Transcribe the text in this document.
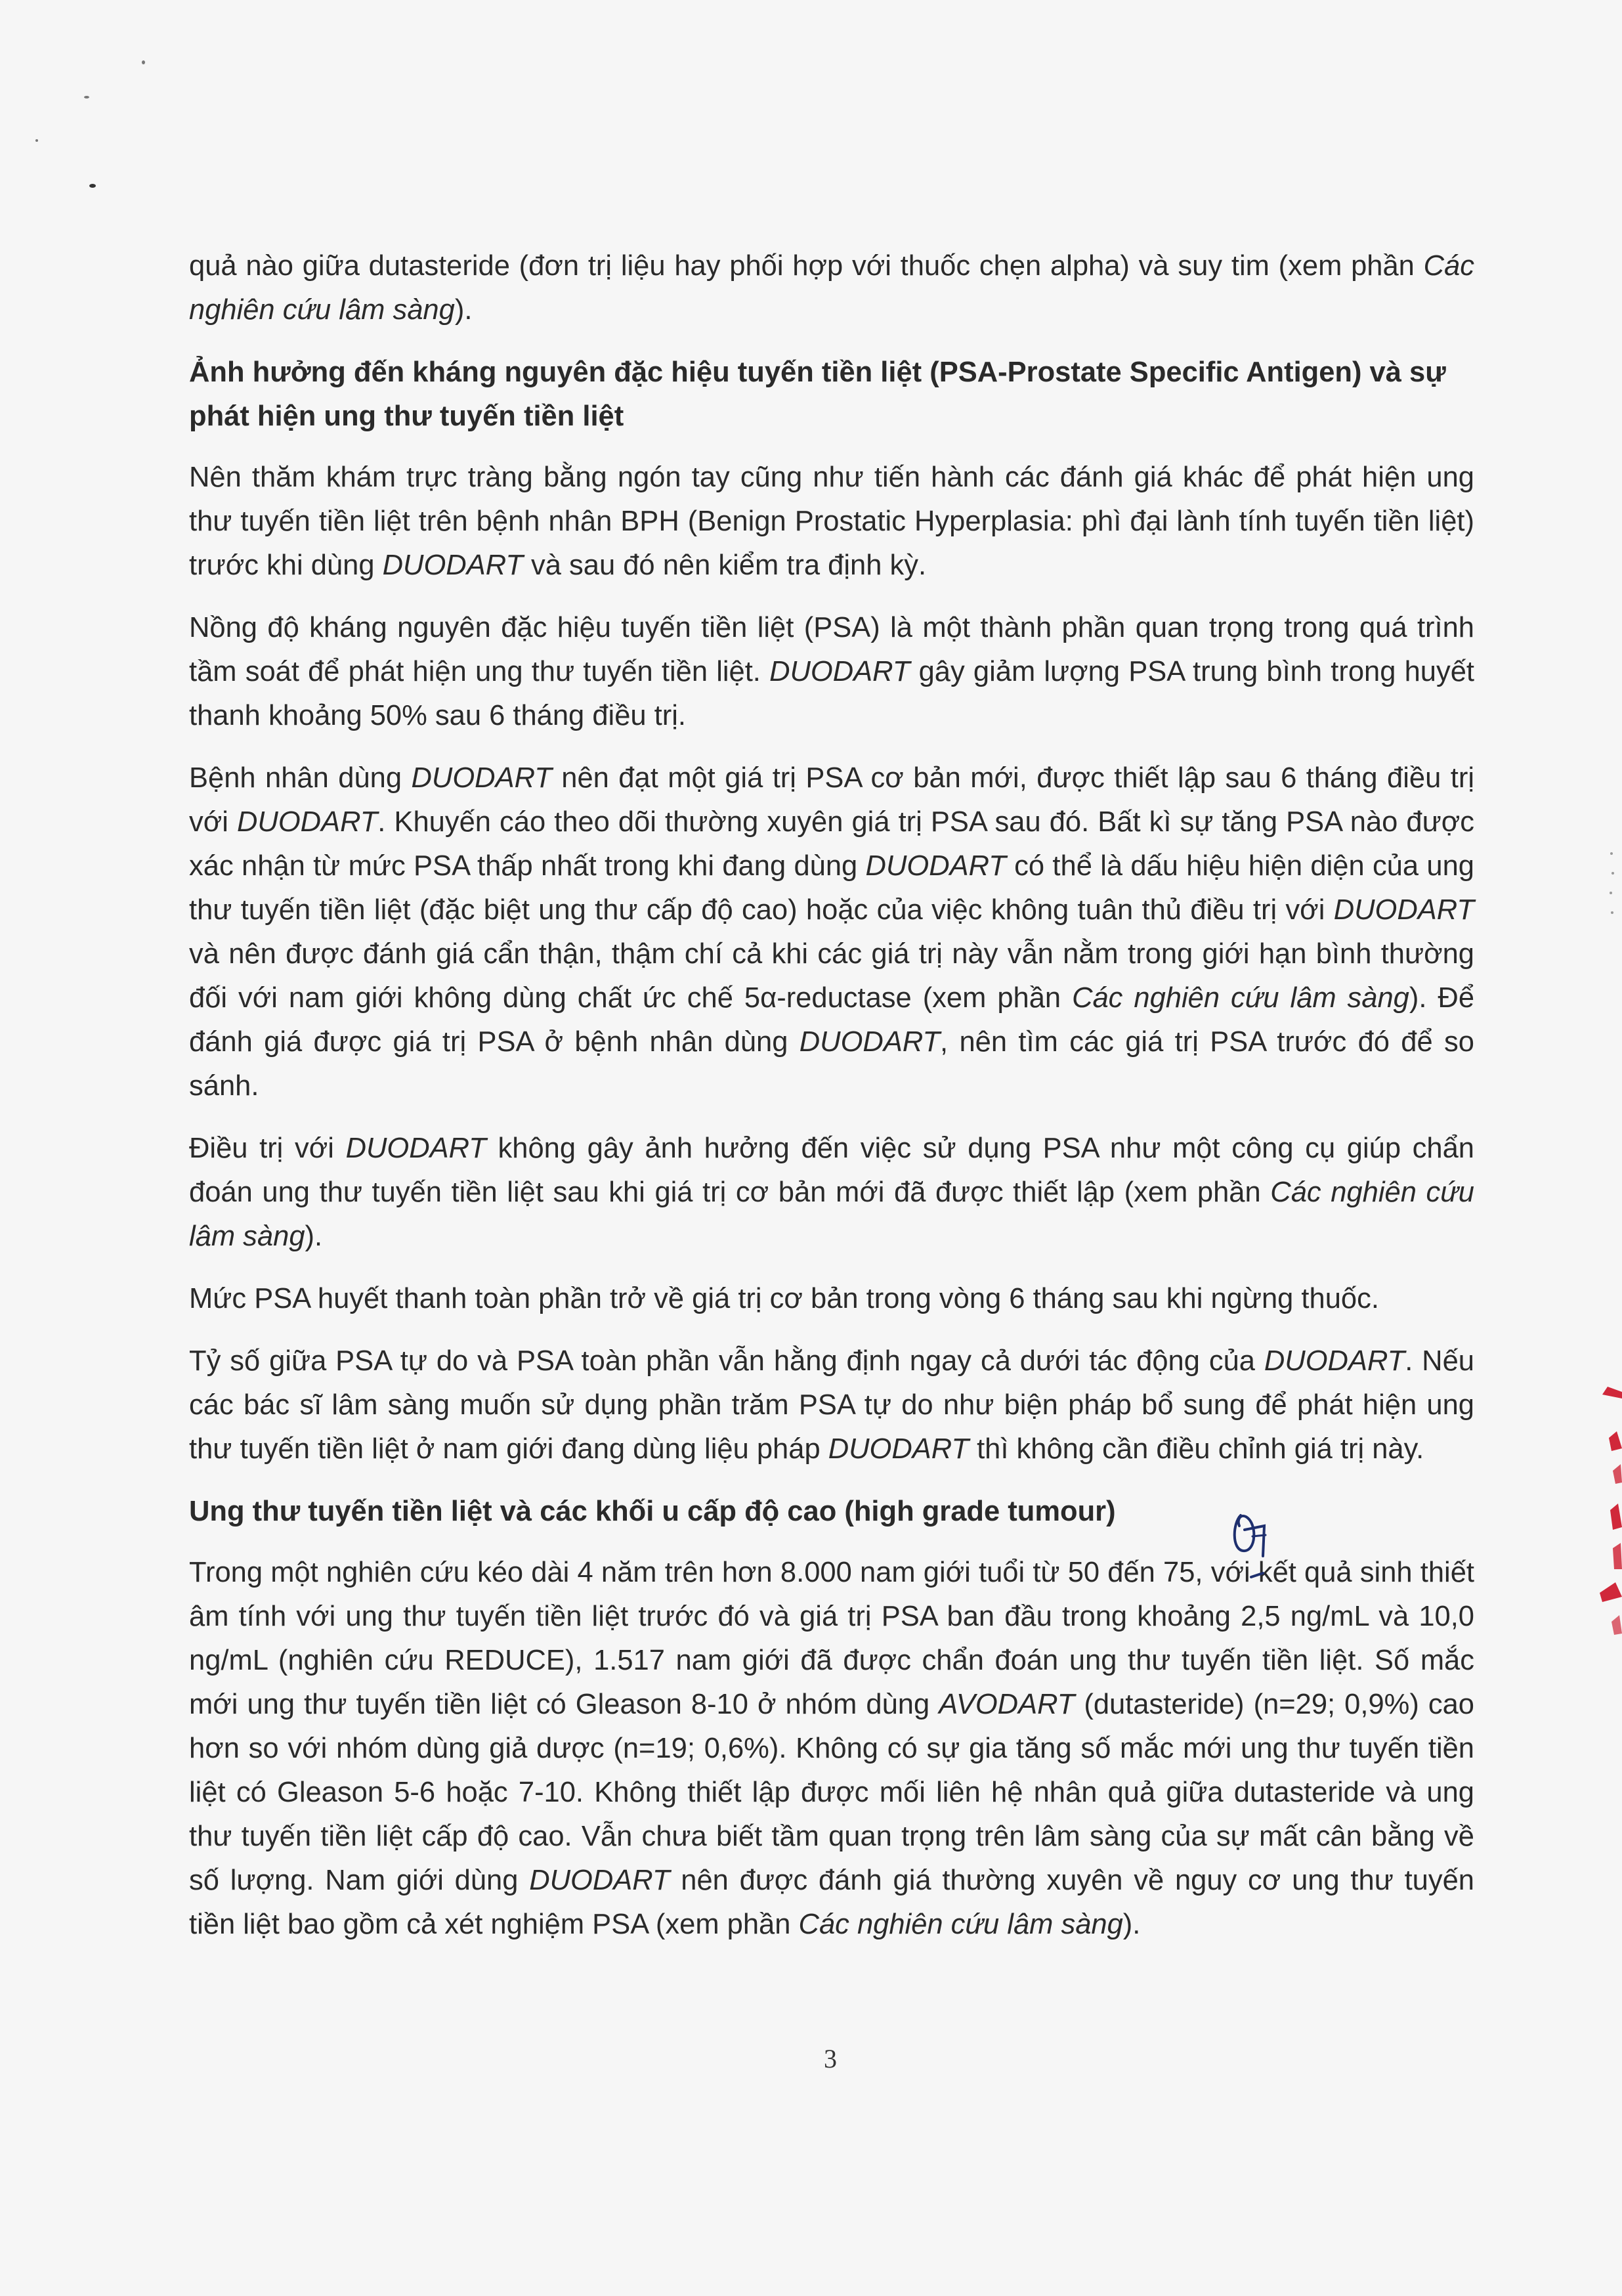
quả nào giữa dutasteride (đơn trị liệu hay phối hợp với thuốc chẹn alpha) và suy tim (xem phần Các nghiên cứu lâm sàng).

Ảnh hưởng đến kháng nguyên đặc hiệu tuyến tiền liệt (PSA-Prostate Specific Antigen) và sự phát hiện ung thư tuyến tiền liệt

Nên thăm khám trực tràng bằng ngón tay cũng như tiến hành các đánh giá khác để phát hiện ung thư tuyến tiền liệt trên bệnh nhân BPH (Benign Prostatic Hyperplasia: phì đại lành tính tuyến tiền liệt) trước khi dùng DUODART và sau đó nên kiểm tra định kỳ.

Nồng độ kháng nguyên đặc hiệu tuyến tiền liệt (PSA) là một thành phần quan trọng trong quá trình tầm soát để phát hiện ung thư tuyến tiền liệt. DUODART gây giảm lượng PSA trung bình trong huyết thanh khoảng 50% sau 6 tháng điều trị.

Bệnh nhân dùng DUODART nên đạt một giá trị PSA cơ bản mới, được thiết lập sau 6 tháng điều trị với DUODART. Khuyến cáo theo dõi thường xuyên giá trị PSA sau đó. Bất kì sự tăng PSA nào được xác nhận từ mức PSA thấp nhất trong khi đang dùng DUODART có thể là dấu hiệu hiện diện của ung thư tuyến tiền liệt (đặc biệt ung thư cấp độ cao) hoặc của việc không tuân thủ điều trị với DUODART và nên được đánh giá cẩn thận, thậm chí cả khi các giá trị này vẫn nằm trong giới hạn bình thường đối với nam giới không dùng chất ức chế 5α-reductase (xem phần Các nghiên cứu lâm sàng). Để đánh giá được giá trị PSA ở bệnh nhân dùng DUODART, nên tìm các giá trị PSA trước đó để so sánh.

Điều trị với DUODART không gây ảnh hưởng đến việc sử dụng PSA như một công cụ giúp chẩn đoán ung thư tuyến tiền liệt sau khi giá trị cơ bản mới đã được thiết lập (xem phần Các nghiên cứu lâm sàng).

Mức PSA huyết thanh toàn phần trở về giá trị cơ bản trong vòng 6 tháng sau khi ngừng thuốc.

Tỷ số giữa PSA tự do và PSA toàn phần vẫn hằng định ngay cả dưới tác động của DUODART. Nếu các bác sĩ lâm sàng muốn sử dụng phần trăm PSA tự do như biện pháp bổ sung để phát hiện ung thư tuyến tiền liệt ở nam giới đang dùng liệu pháp DUODART thì không cần điều chỉnh giá trị này.

Ung thư tuyến tiền liệt và các khối u cấp độ cao (high grade tumour)

Trong một nghiên cứu kéo dài 4 năm trên hơn 8.000 nam giới tuổi từ 50 đến 75, với kết quả sinh thiết âm tính với ung thư tuyến tiền liệt trước đó và giá trị PSA ban đầu trong khoảng 2,5 ng/mL và 10,0 ng/mL (nghiên cứu REDUCE), 1.517 nam giới đã được chẩn đoán ung thư tuyến tiền liệt. Số mắc mới ung thư tuyến tiền liệt có Gleason 8-10 ở nhóm dùng AVODART (dutasteride) (n=29; 0,9%) cao hơn so với nhóm dùng giả dược (n=19; 0,6%). Không có sự gia tăng số mắc mới ung thư tuyến tiền liệt có Gleason 5-6 hoặc 7-10. Không thiết lập được mối liên hệ nhân quả giữa dutasteride và ung thư tuyến tiền liệt cấp độ cao. Vẫn chưa biết tầm quan trọng trên lâm sàng của sự mất cân bằng về số lượng. Nam giới dùng DUODART nên được đánh giá thường xuyên về nguy cơ ung thư tuyến tiền liệt bao gồm cả xét nghiệm PSA (xem phần Các nghiên cứu lâm sàng).

3
